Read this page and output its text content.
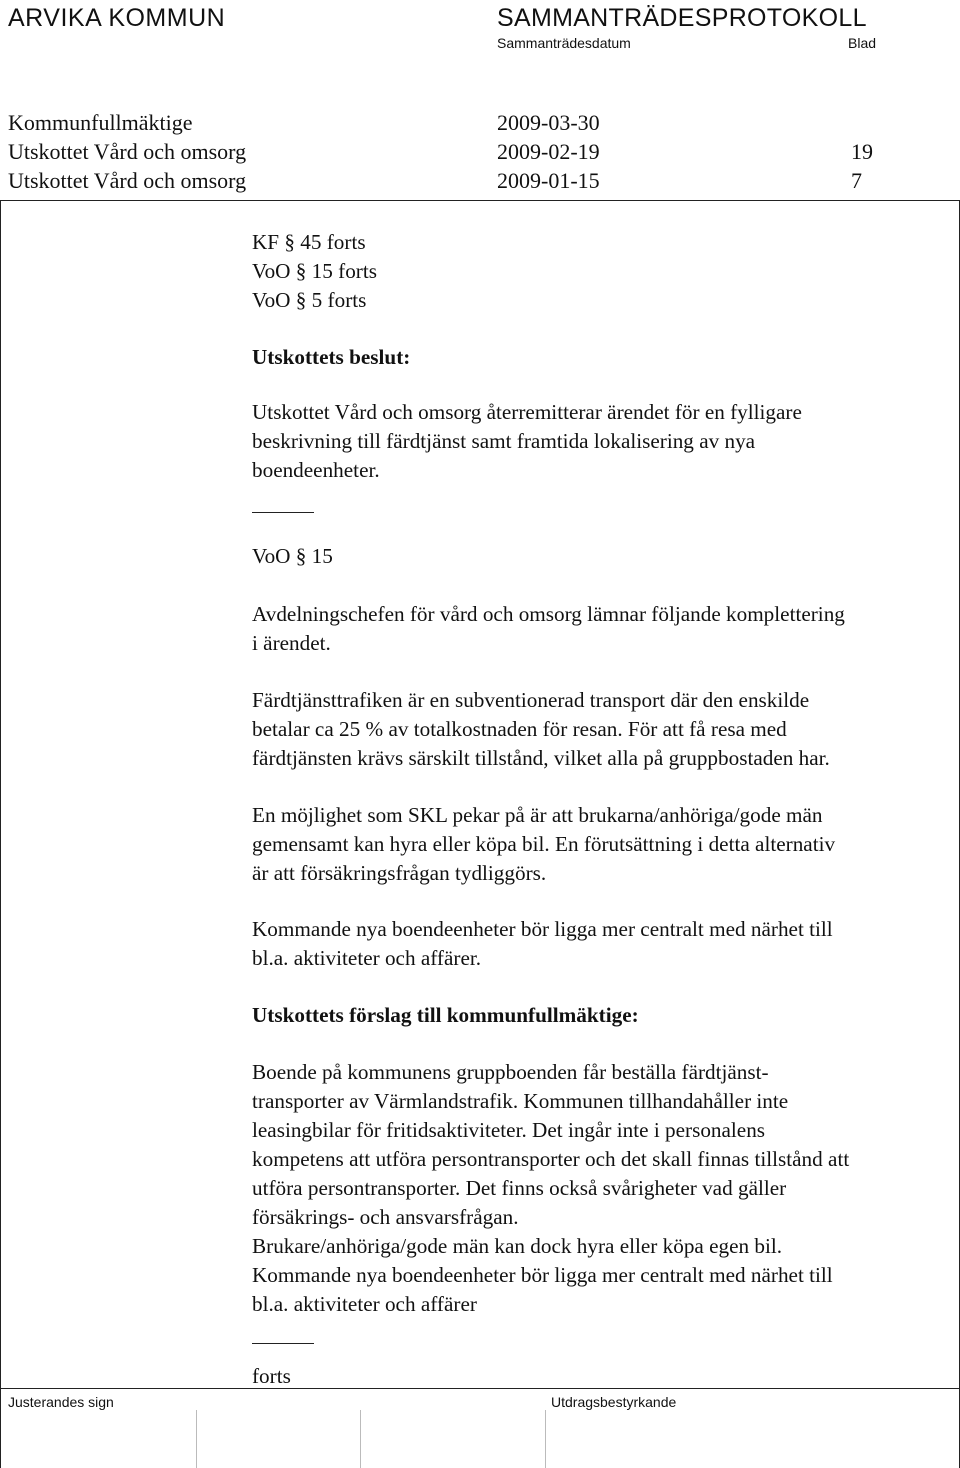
ARVIKA KOMMUN	SAMMANTRÄDESPROTOKOLL
Sammanträdesdatum	Blad
Kommunfullmäktige	2009-03-30
Utskottet Vård och omsorg	2009-02-19	19
Utskottet Vård och omsorg	2009-01-15	7

KF § 45 forts

VoO § 15 forts

VoO § 5 forts

Utskottets beslut:

Utskottet Vård och omsorg återremitterar ärendet för en fylligare

beskrivning till färdtjänst samt framtida lokalisering av nya

boendeenheter.

VoO § 15

Avdelningschefen för vård och omsorg lämnar följande komplettering

i ärendet.

Färdtjänsttrafiken är en subventionerad transport där den enskilde

betalar ca 25 % av totalkostnaden för resan. För att få resa med

färdtjänsten krävs särskilt tillstånd, vilket alla på gruppbostaden har.

En möjlighet som SKL pekar på är att brukarna/anhöriga/gode män

gemensamt kan hyra eller köpa bil. En förutsättning i detta alternativ

är att försäkringsfrågan tydliggörs.

Kommande nya boendeenheter bör ligga mer centralt med närhet till

bl.a. aktiviteter och affärer.

Utskottets förslag till kommunfullmäktige:

Boende på kommunens gruppboenden får beställa färdtjänst-

transporter av Värmlandstrafik. Kommunen tillhandahåller inte

leasingbilar för fritidsaktiviteter. Det ingår inte i personalens

kompetens att utföra persontransporter och det skall finnas tillstånd att

utföra persontransporter. Det finns också svårigheter vad gäller

försäkrings- och ansvarsfrågan.

Brukare/anhöriga/gode män kan dock hyra eller köpa egen bil.

Kommande nya boendeenheter bör ligga mer centralt med närhet till

bl.a. aktiviteter och affärer

forts
Justerandes sign	Utdragsbestyrkande
